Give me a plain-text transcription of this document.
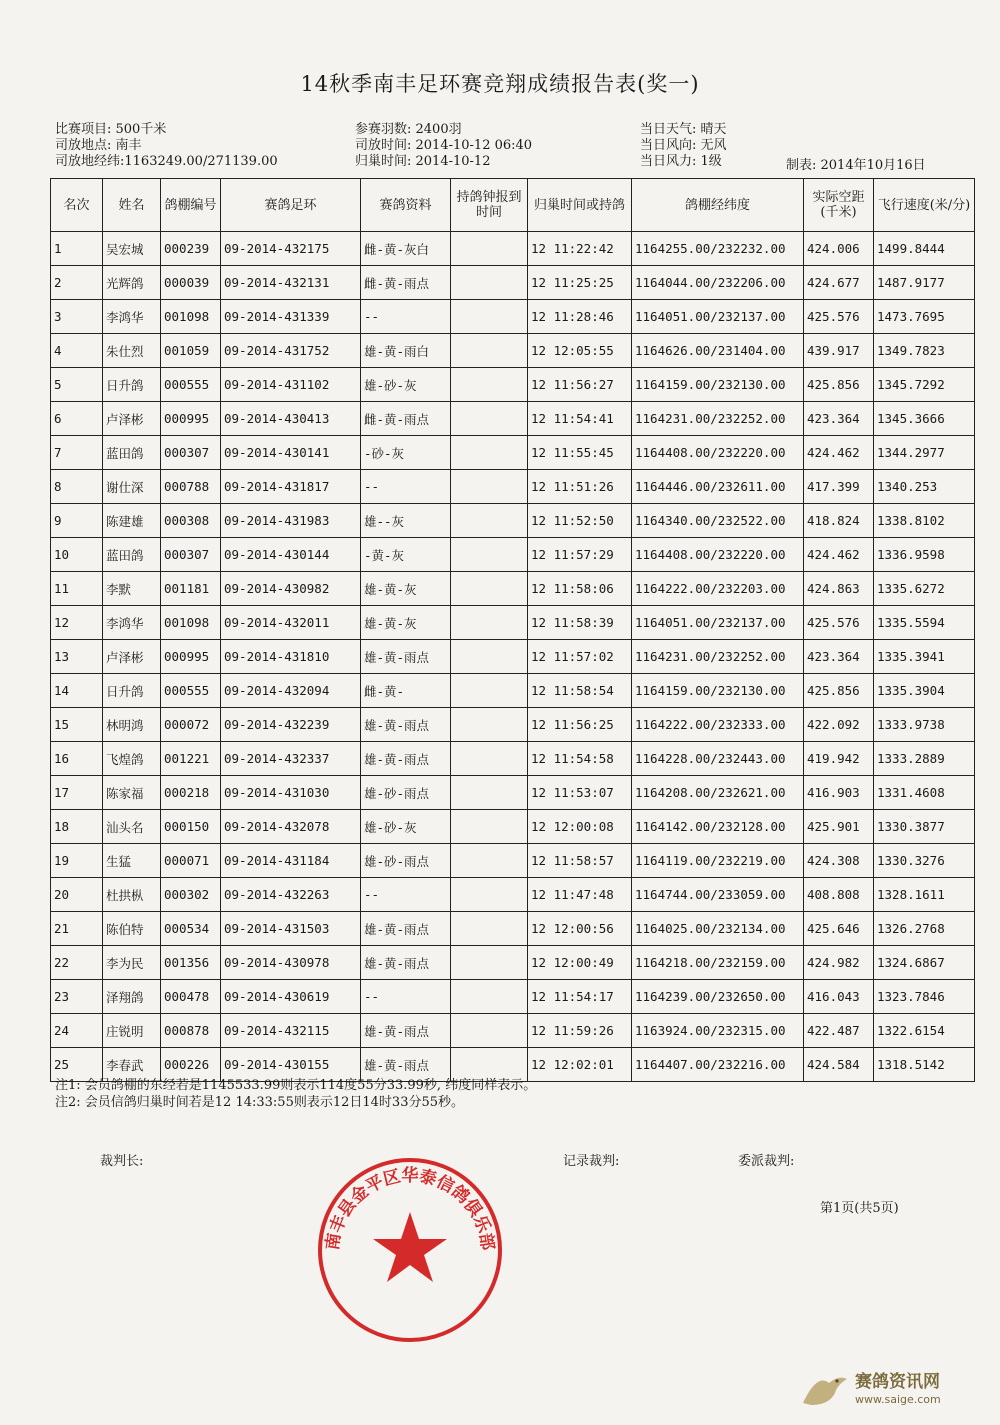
14秋季南丰足环赛竞翔成绩报告表(奖一)
比赛项目: 500千米
司放地点: 南丰
司放地经纬:1163249.00/271139.00
参赛羽数: 2400羽
司放时间: 2014-10-12 06:40
归巢时间: 2014-10-12
当日天气: 晴天
当日风向: 无风
当日风力: 1级	制表: 2014年10月16日
名次	姓名	鸽棚编号	赛鸽足环	赛鸽资料	持鸽钟报到时间	归巢时间或持鸽	鸽棚经纬度	实际空距(千米)	飞行速度(米/分)
1	吴宏城	000239	09-2014-432175	雌-黄-灰白		12 11:22:42	1164255.00/232232.00	424.006	1499.8444
2	光辉鸽	000039	09-2014-432131	雌-黄-雨点		12 11:25:25	1164044.00/232206.00	424.677	1487.9177
3	李鸿华	001098	09-2014-431339	--		12 11:28:46	1164051.00/232137.00	425.576	1473.7695
4	朱仕烈	001059	09-2014-431752	雄-黄-雨白		12 12:05:55	1164626.00/231404.00	439.917	1349.7823
5	日升鸽	000555	09-2014-431102	雄-砂-灰		12 11:56:27	1164159.00/232130.00	425.856	1345.7292
6	卢泽彬	000995	09-2014-430413	雌-黄-雨点		12 11:54:41	1164231.00/232252.00	423.364	1345.3666
7	蓝田鸽	000307	09-2014-430141	-砂-灰		12 11:55:45	1164408.00/232220.00	424.462	1344.2977
8	谢仕深	000788	09-2014-431817	--		12 11:51:26	1164446.00/232611.00	417.399	1340.253
9	陈建雄	000308	09-2014-431983	雄--灰		12 11:52:50	1164340.00/232522.00	418.824	1338.8102
10	蓝田鸽	000307	09-2014-430144	-黄-灰		12 11:57:29	1164408.00/232220.00	424.462	1336.9598
11	李默	001181	09-2014-430982	雄-黄-灰		12 11:58:06	1164222.00/232203.00	424.863	1335.6272
12	李鸿华	001098	09-2014-432011	雄-黄-灰		12 11:58:39	1164051.00/232137.00	425.576	1335.5594
13	卢泽彬	000995	09-2014-431810	雄-黄-雨点		12 11:57:02	1164231.00/232252.00	423.364	1335.3941
14	日升鸽	000555	09-2014-432094	雌-黄-		12 11:58:54	1164159.00/232130.00	425.856	1335.3904
15	林明鸿	000072	09-2014-432239	雄-黄-雨点		12 11:56:25	1164222.00/232333.00	422.092	1333.9738
16	飞煌鸽	001221	09-2014-432337	雄-黄-雨点		12 11:54:58	1164228.00/232443.00	419.942	1333.2889
17	陈家福	000218	09-2014-431030	雄-砂-雨点		12 11:53:07	1164208.00/232621.00	416.903	1331.4608
18	汕头名	000150	09-2014-432078	雄-砂-灰		12 12:00:08	1164142.00/232128.00	425.901	1330.3877
19	生猛	000071	09-2014-431184	雄-砂-雨点		12 11:58:57	1164119.00/232219.00	424.308	1330.3276
20	杜拱枞	000302	09-2014-432263	--		12 11:47:48	1164744.00/233059.00	408.808	1328.1611
21	陈伯特	000534	09-2014-431503	雄-黄-雨点		12 12:00:56	1164025.00/232134.00	425.646	1326.2768
22	李为民	001356	09-2014-430978	雄-黄-雨点		12 12:00:49	1164218.00/232159.00	424.982	1324.6867
23	泽翔鸽	000478	09-2014-430619	--		12 11:54:17	1164239.00/232650.00	416.043	1323.7846
24	庄锐明	000878	09-2014-432115	雄-黄-雨点		12 11:59:26	1163924.00/232315.00	422.487	1322.6154
25	李春武	000226	09-2014-430155	雄-黄-雨点		12 12:02:01	1164407.00/232216.00	424.584	1318.5142
注1: 会员鸽棚的东经若是1145533.99则表示114度55分33.99秒, 纬度同样表示。
注2: 会员信鸽归巢时间若是12 14:33:55则表示12日14时33分55秒。
裁判长:	记录裁判:	委派裁判:
第1页(共5页)
南丰县金平区华泰信鸽俱乐部
赛鸽资讯网
www.saige.com
